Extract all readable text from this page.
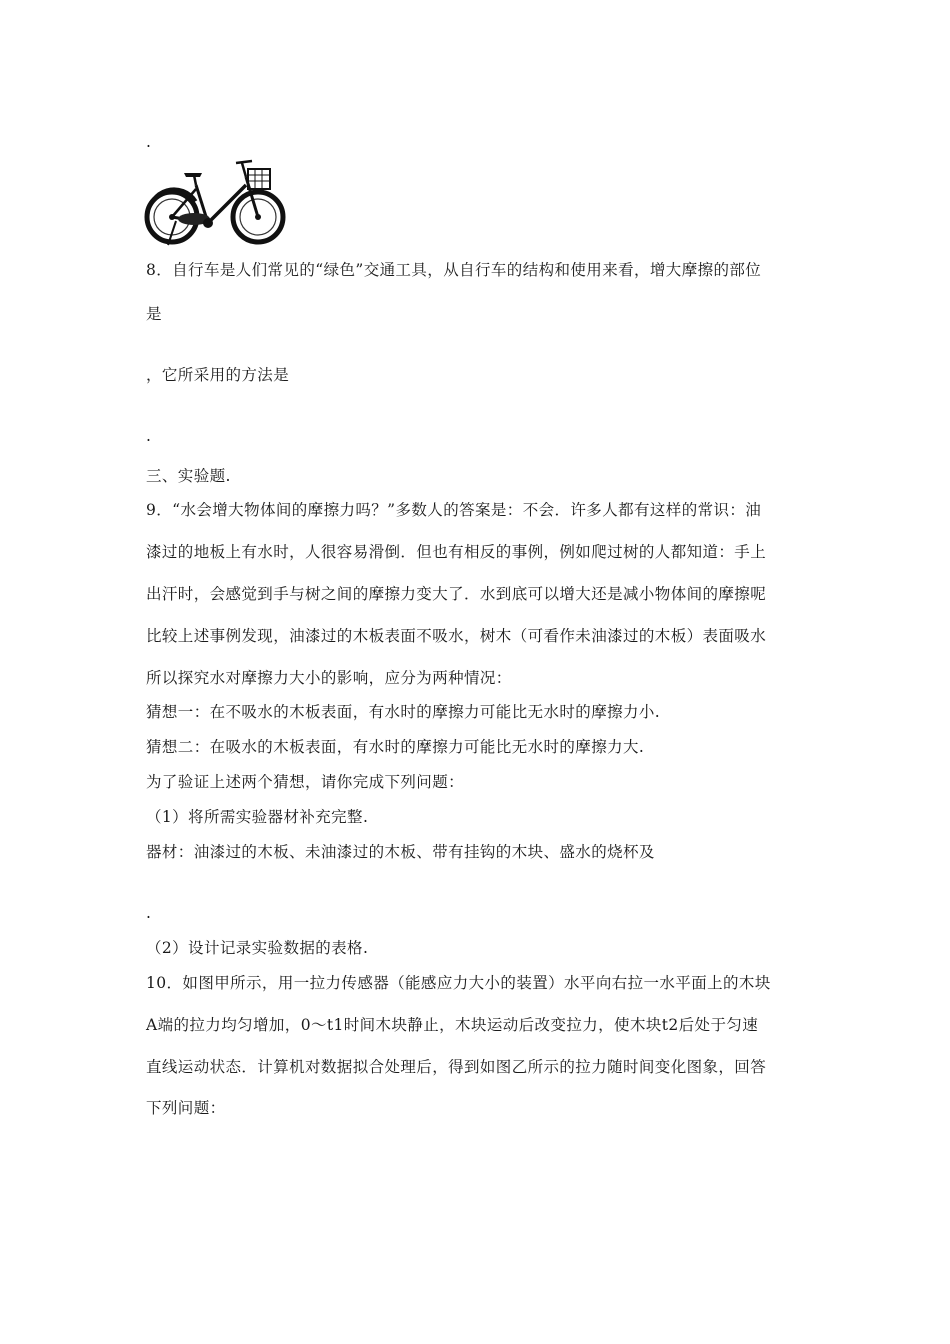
.
8．自行车是人们常见的“绿色”交通工具，从自行车的结构和使用来看，增大摩擦的部位
是
，它所采用的方法是
.
三、实验题.
9．“水会增大物体间的摩擦力吗？”多数人的答案是：不会．许多人都有这样的常识：油
漆过的地板上有水时，人很容易滑倒．但也有相反的事例，例如爬过树的人都知道：手上
出汗时，会感觉到手与树之间的摩擦力变大了．水到底可以增大还是减小物体间的摩擦呢
比较上述事例发现，油漆过的木板表面不吸水，树木（可看作未油漆过的木板）表面吸水
所以探究水对摩擦力大小的影响，应分为两种情况：
猜想一：在不吸水的木板表面，有水时的摩擦力可能比无水时的摩擦力小.
猜想二：在吸水的木板表面，有水时的摩擦力可能比无水时的摩擦力大.
为了验证上述两个猜想，请你完成下列问题：
（1）将所需实验器材补充完整.
器材：油漆过的木板、未油漆过的木板、带有挂钩的木块、盛水的烧杯及
.
（2）设计记录实验数据的表格.
10．如图甲所示，用一拉力传感器（能感应力大小的装置）水平向右拉一水平面上的木块
A端的拉力均匀增加，0～t1时间木块静止，木块运动后改变拉力，使木块t2后处于匀速
直线运动状态．计算机对数据拟合处理后，得到如图乙所示的拉力随时间变化图象，回答
下列问题：
